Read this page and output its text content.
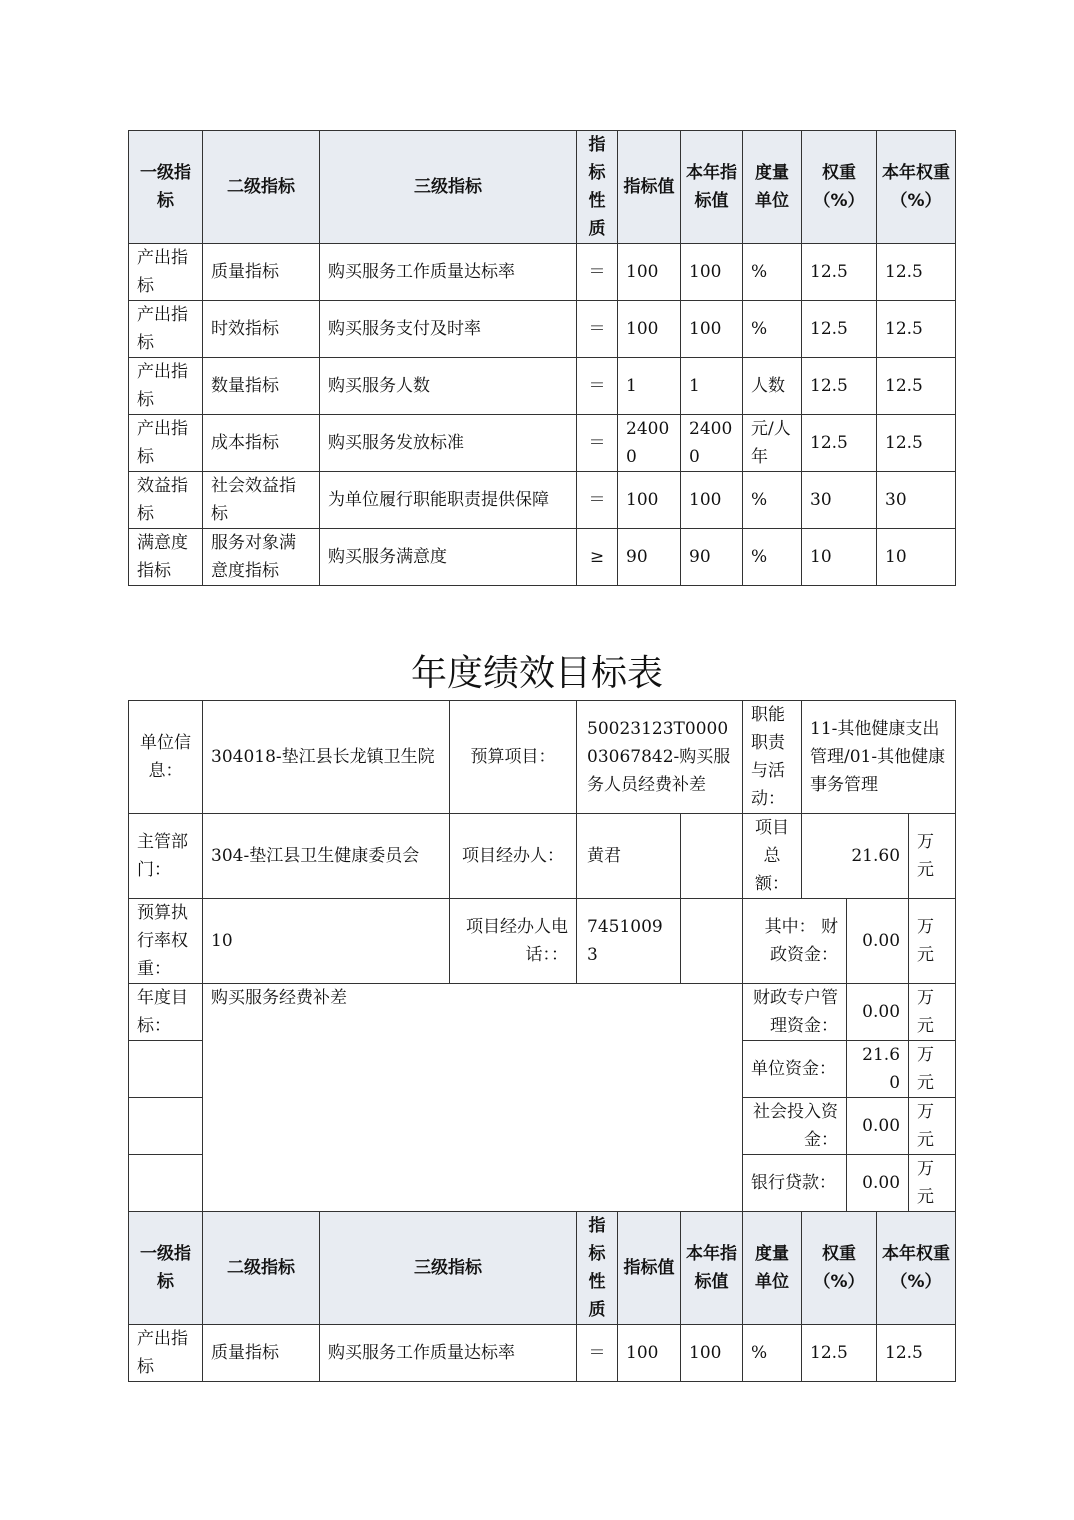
一级指标	二级指标	三级指标	指标性质	指标值	本年指标值	度量单位	权重（%）	本年权重（%）
产出指标	质量指标	购买服务工作质量达标率	＝	100	100	%	12.5	12.5
产出指标	时效指标	购买服务支付及时率	＝	100	100	%	12.5	12.5
产出指标	数量指标	购买服务人数	＝	1	1	人数	12.5	12.5
产出指标	成本指标	购买服务发放标准	＝	24000	24000	元/人年	12.5	12.5
效益指标	社会效益指标	为单位履行职能职责提供保障	＝	100	100	%	30	30
满意度指标	服务对象满意度指标	购买服务满意度	≥	90	90	%	10	10
年度绩效目标表
单位信息：	304018-垫江县长龙镇卫生院		预算项目：	50023123T000003067842-购买服务人员经费补差			职能职责与活动：	11-其他健康支出管理/01-其他健康事务管理			
主管部门：	304-垫江县卫生健康委员会		项目经办人：	黄君			项目总额：	21.60			万元
预算执行率权重：	10		项目经办人电话：：	74510093			其中： 财政资金：		0.00		万元
年度目标：	购买服务经费补差						财政专户管理资金：		0.00		万元
							单位资金：		21.60		万元
							社会投入资金：		0.00		万元
							银行贷款：		0.00		万元
一级指标	二级指标	三级指标		指标性质	指标值	本年指标值	度量单位	权重（%）		本年权重（%）	
产出指标	质量指标	购买服务工作质量达标率		＝	100	100	%	12.5		12.5	
